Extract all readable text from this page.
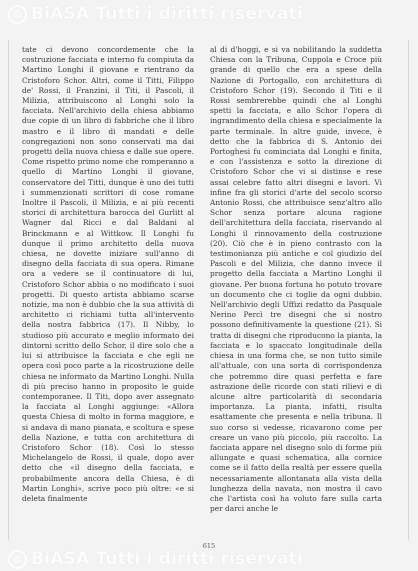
© BiASA Tutti i diritti riservati

tate ci devono concordemente che la costruzione facciata e interno fu compiuta da Martino Longhi il giovane e rientrano da Cristoforo Schor. Altri, come il Titti, Filippo de' Rossi, il Franzini, il Titi, il Pascoli, il Milizia, attribuiscono al Longhi solo la facciata. Nell'archivio della chiesa abbiamo due copie di un libro di fabbriche che il libro mastro e il libro di mandati e delle congregazioni non sono conservati ma dai progetti della nuova chiesa e dalle sue opere. Come rispetto primo nome che romperanno a quello di Martino Longhi il giovane, conservatore del Titti, dunque è uno dei tutti i summenzionati scrittori di cose romane Inoltre il Pascoli, il Milizia, e ai più recenti storici di architettura barocca del Gurlitt al Wagner dal Ricci e dal Baldani al Brinckmann e al Wittkow. Il Longhi fu dunque il primo architetto della nuova chiesa, ne dovette iniziare sull'anno di disegno della facciata di sua opera. Rimane ora a vedere se il continuatore di lui, Cristoforo Schor abbia o no modificato i suoi progetti. Di questo artista abbiamo scarse notizie, ma non è dubbio che la sua attività di architetto ci richiami tutta all'intervento della nostra fabbrica (17). Il Nibby, lo studioso più accurato e meglio informato dei dintorni scritto dello Schor, il dire solo che a lui si attribuisce la facciata e che egli ne opera così poco parte a la ricostruzione delle chiesa ne informato da Martino Longhi. Nulla di più preciso hanno in proposito le guide contemporanee. Il Titi, dopo aver assegnato la facciata al Longhi aggiunge: «Allora questa Chiesa di molto in forma maggiore, e si andava di mano pianata, e scoltura e spese della Nazione, e tutta con architettura di Cristoforo Schor (18). Così lo stesso Michelangelo de Rossi, il quale, dopo aver detto che «il disegno della facciata, e probabilmente ancora della Chiesa, è di Martin Longhi», scrive poco più oltre: «e si deleta finalmente

al di d'hoggi, e si va nobilitando la suddetta Chiesa con la Tribuna, Cuppola e Croce più grande di quello che era a spese della Nazione di Portogallo, con architettura di Cristoforo Schor (19). Secondo il Titi e il Rossi sembrerebbe quindi che al Longhi spetti la facciata, e allo Schor l'opera di ingrandimento della chiesa e specialmente la parte terminale. In altre guide, invece, è detto che la fabbrica di S. Antonio dei Portoghesi fu cominciata dal Longhi e finita, e con l'assistenza e sotto la direzione di Cristoforo Schor che vi si distinse e rese assai celebre fatto altri disegni e lavori. Vi infine fra gli storici d'arte del secolo scorso Antonio Rossi, che attribuisce senz'altro allo Schor senza portare alcuna ragione dell'architettura della facciata, riservando al Longhi il rinnovamento della costruzione (20). Ciò che è in pieno contrasto con la testimonianza più antiche e col giudizio del Pascoli e del Milizia, che danno invece il progetto della facciata a Martino Longhi il giovane. Per buona fortuna ho potuto trovare un documento che ci toglie da ogni dubbio. Nell'archivio degli Uffizi redatto da Pasquale Nerino Percì tre disegni che si nostro possono definitivamente la questione (21). Si tratta di disegni che riproducono la pianta, la facciata e lo spaccato longitudinale della chiesa in una forma che, se non tutto simile all'attuale, con una sorta di corrispondenza che potremmo dire quasi perfetta e fare astrazione delle ricorde con stati rilievi e di alcune altre particolarità di secondaria importanza. La pianta, infatti, risulta esattamente che presenta e nella tribuna. Il suo corso si vedesse, ricavarono come per creare un vano più piccolo, più raccolto. La facciata appare nel disegno solo di forme più allungate e quasi schematica, alla cornice come se il fatto della realtà per essere quella necessariamente allontanata alla vista della lunghezza della navata, non mostra il cavo che l'artista così ha voluto fare sulla carta per darci anche le

615
© BiASA Tutti i diritti riservati
